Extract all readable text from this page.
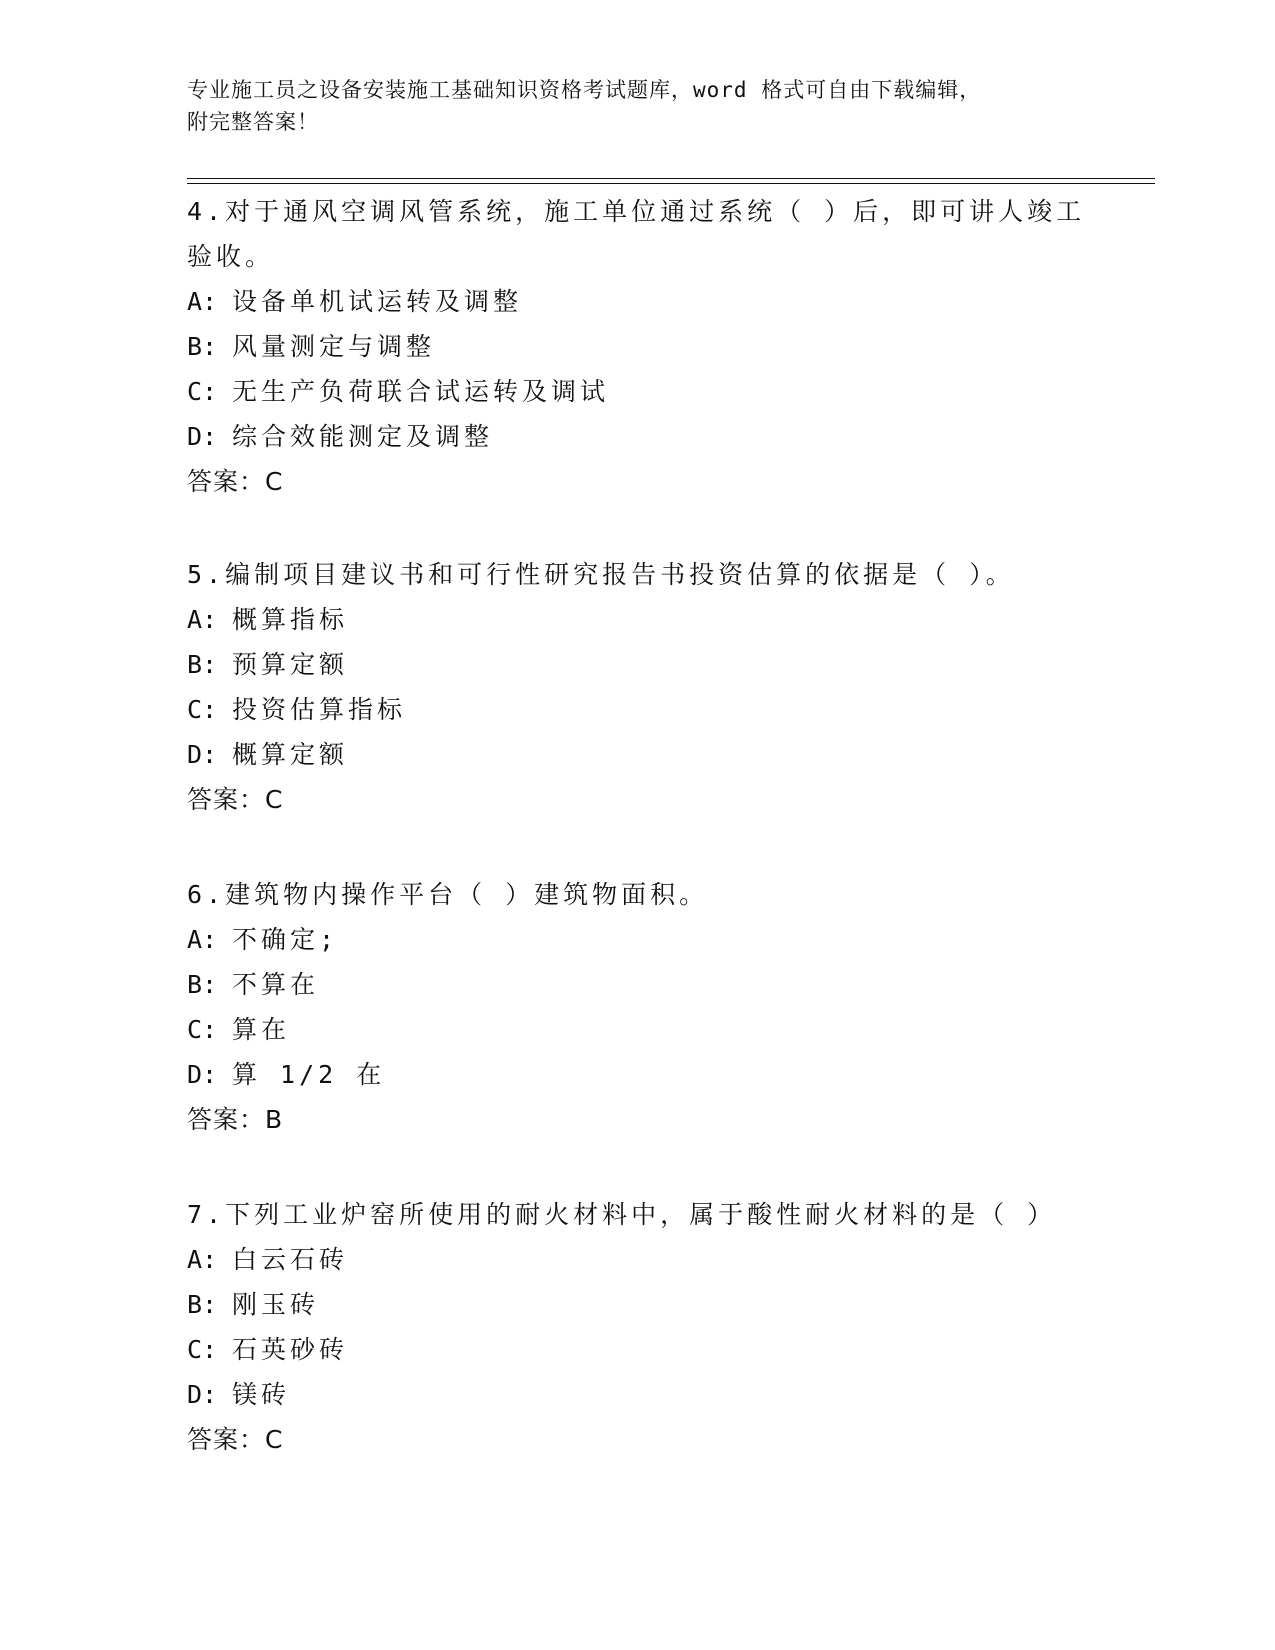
专业施工员之设备安装施工基础知识资格考试题库，word 格式可自由下载编辑，
附完整答案！

4.对于通风空调风管系统，施工单位通过系统（ ）后，即可讲人竣工

验收。

A: 设备单机试运转及调整

B: 风量测定与调整

C: 无生产负荷联合试运转及调试

D: 综合效能测定及调整

答案：C

5.编制项目建议书和可行性研究报告书投资估算的依据是（ ）。

A: 概算指标

B: 预算定额

C: 投资估算指标

D: 概算定额

答案：C

6.建筑物内操作平台（ ）建筑物面积。

A: 不确定;

B: 不算在

C: 算在

D: 算 1/2 在

答案：B

7.下列工业炉窑所使用的耐火材料中，属于酸性耐火材料的是（ ）

A: 白云石砖

B: 刚玉砖

C: 石英砂砖

D: 镁砖

答案：C
